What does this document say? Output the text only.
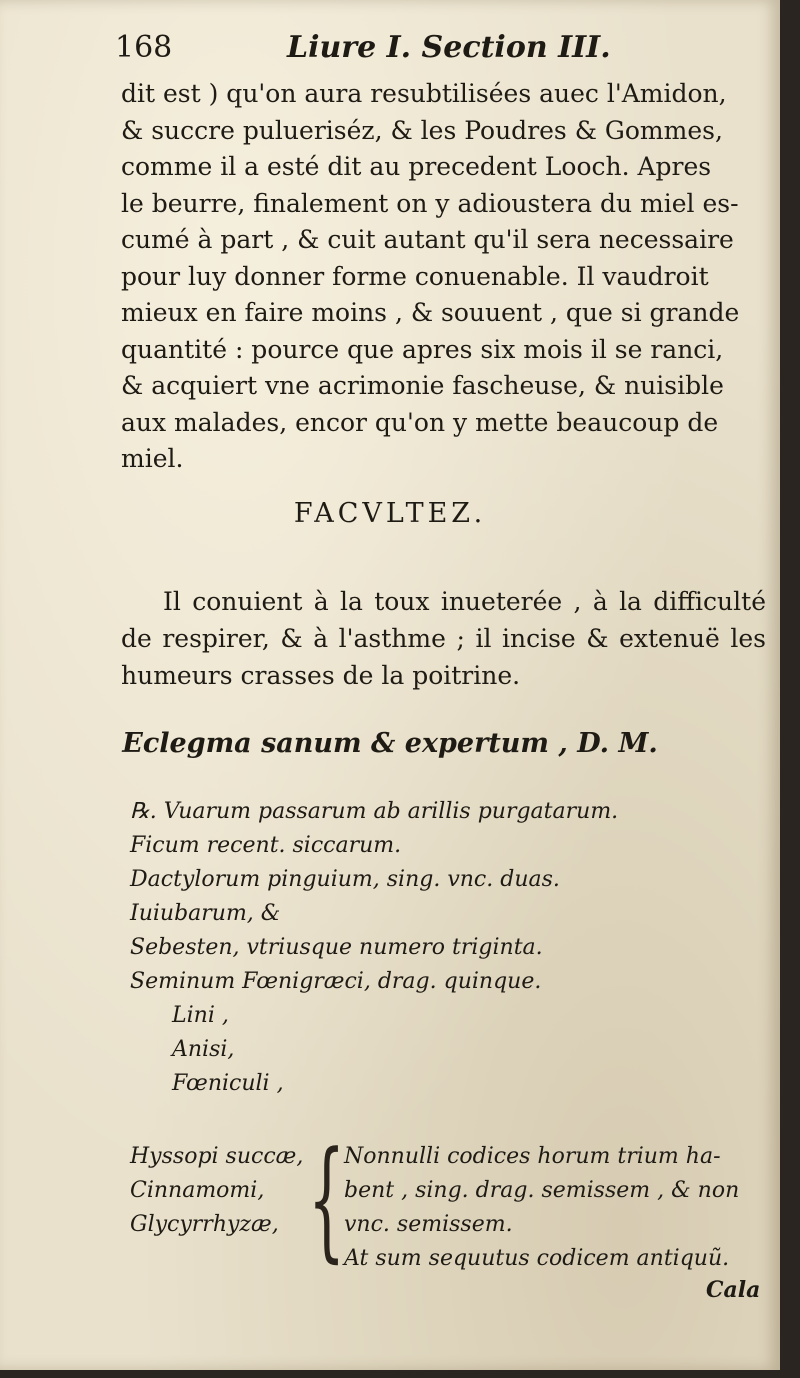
168	Liure I. Section III.

dit est ) qu'on aura resubtilisées auec l'Amidon,

& succre pulueriséz, & les Poudres & Gommes,

comme il a esté dit au precedent Looch. Apres

le beurre, finalement on y adioustera du miel es-

cumé à part , & cuit autant qu'il sera necessaire

pour luy donner forme conuenable. Il vaudroit

mieux en faire moins , & souuent , que si grande

quantité : pource que apres six mois il se ranci,

& acquiert vne acrimonie fascheuse, & nuisible

aux malades, encor qu'on y mette beaucoup de

miel.

FACVLTEZ.

Il conuient à la toux inueterée , à la difficulté de respirer, & à l'asthme ; il incise & extenuë les humeurs crasses de la poitrine.

Eclegma sanum & expertum , D. M.
℞. Vuarum passarum ab arillis purgatarum.
Ficum recent. siccarum.
Dactylorum pinguium, sing. vnc. duas.
Iuiubarum, &
Sebesten, vtriusque numero triginta.
Seminum Fœnigræci, drag. quinque.
Lini ,
Anisi,
Fœniculi ,
Hyssopi succæ,
Cinnamomi,
Glycyrrhyzæ, {
Nonnulli codices horum trium ha-
bent , sing. drag. semissem , & non
vnc. semissem.
At sum sequutus codicem antiquũ.
Cala
